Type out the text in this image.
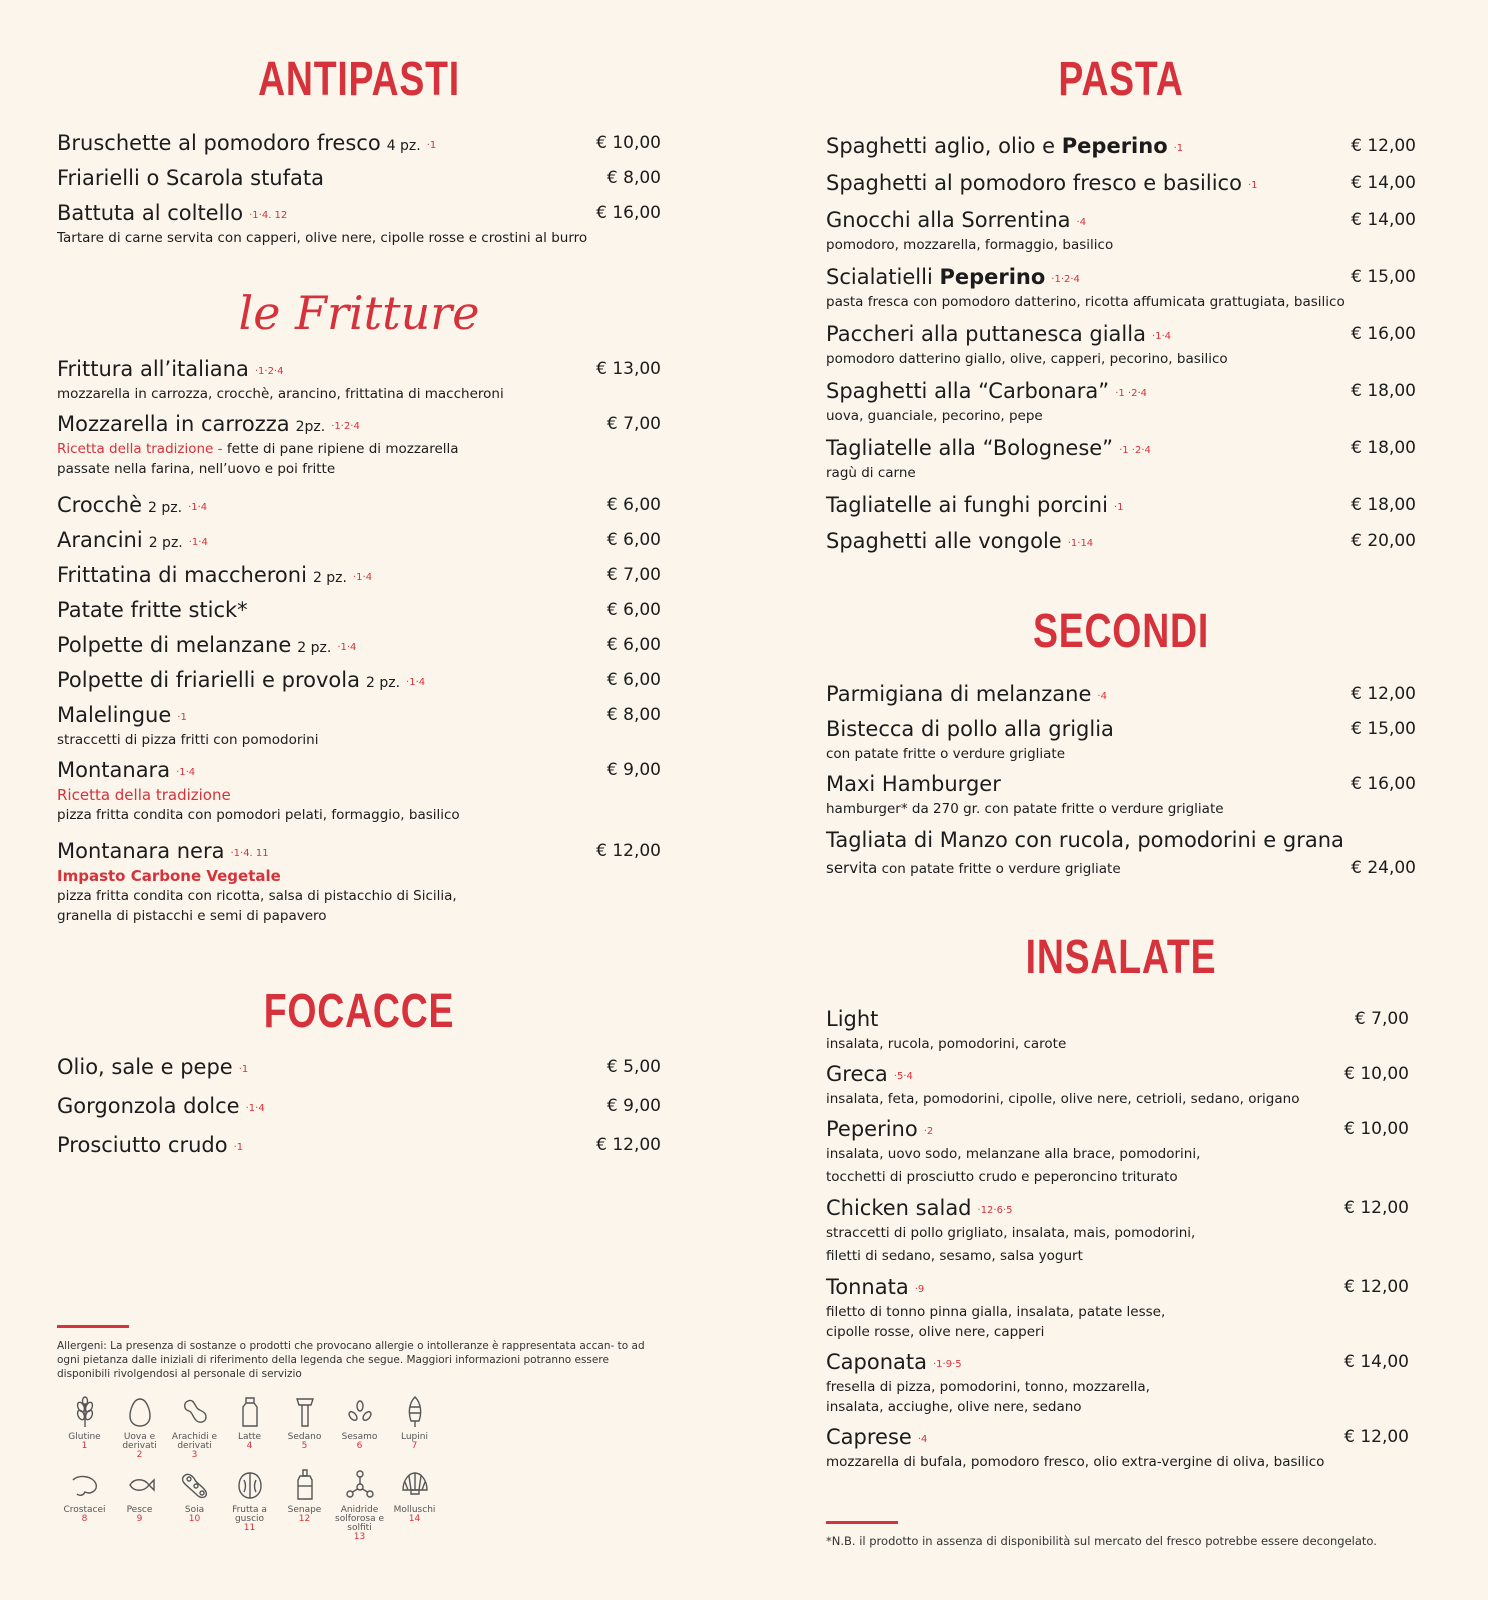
ANTIPASTI
Bruschette al pomodoro fresco 4 pz. ·1	€ 10,00
Friarielli o Scarola stufata	€ 8,00
Battuta al coltello ·1·4. 12	€ 16,00
Tartare di carne servita con capperi, olive nere, cipolle rosse e crostini al burro
le Fritture
Frittura all’italiana ·1·2·4	€ 13,00
mozzarella in carrozza, crocchè, arancino, frittatina di maccheroni
Mozzarella in carrozza 2pz. ·1·2·4	€ 7,00
Ricetta della tradizione - fette di pane ripiene di mozzarella
passate nella farina, nell’uovo e poi fritte
Crocchè 2 pz. ·1·4	€ 6,00
Arancini 2 pz. ·1·4	€ 6,00
Frittatina di maccheroni 2 pz. ·1·4	€ 7,00
Patate fritte stick*	€ 6,00
Polpette di melanzane 2 pz. ·1·4	€ 6,00
Polpette di friarielli e provola 2 pz. ·1·4	€ 6,00
Malelingue ·1	€ 8,00
straccetti di pizza fritti con pomodorini
Montanara ·1·4	€ 9,00
Ricetta della tradizione
pizza fritta condita con pomodori pelati, formaggio, basilico
Montanara nera ·1·4. 11	€ 12,00
Impasto Carbone Vegetale
pizza fritta condita con ricotta, salsa di pistacchio di Sicilia,
granella di pistacchi e semi di papavero
FOCACCE
Olio, sale e pepe ·1	€ 5,00
Gorgonzola dolce ·1·4	€ 9,00
Prosciutto crudo ·1	€ 12,00
Allergeni: La presenza di sostanze o prodotti che provocano allergie o intolleranze è rappresentata accan- to ad ogni pietanza dalle iniziali di riferimento della legenda che segue. Maggiori informazioni potranno essere disponibili rivolgendosi al personale di servizio
Glutine
1
Uova e derivati
2
Arachidi e derivati
3
Latte
4
Sedano
5
Sesamo
6
Lupini
7
Crostacei
8
Pesce
9
Soia
10
Frutta a guscio
11
Senape
12
Anidride solforosa e solfiti
13
Molluschi
14
PASTA
Spaghetti aglio, olio e Peperino ·1	€ 12,00
Spaghetti al pomodoro fresco e basilico ·1	€ 14,00
Gnocchi alla Sorrentina ·4	€ 14,00
pomodoro, mozzarella, formaggio, basilico
Scialatielli Peperino ·1·2·4	€ 15,00
pasta fresca con pomodoro datterino, ricotta affumicata grattugiata, basilico
Paccheri alla puttanesca gialla ·1·4	€ 16,00
pomodoro datterino giallo, olive, capperi, pecorino, basilico
Spaghetti alla “Carbonara” ·1 ·2·4	€ 18,00
uova, guanciale, pecorino, pepe
Tagliatelle alla “Bolognese” ·1 ·2·4	€ 18,00
ragù di carne
Tagliatelle ai funghi porcini ·1	€ 18,00
Spaghetti alle vongole ·1·14	€ 20,00
SECONDI
Parmigiana di melanzane ·4	€ 12,00
Bistecca di pollo alla griglia	€ 15,00
con patate fritte o verdure grigliate
Maxi Hamburger	€ 16,00
hamburger* da 270 gr. con patate fritte o verdure grigliate
Tagliata di Manzo con rucola, pomodorini e grana
servita con patate fritte o verdure grigliate	€ 24,00
INSALATE
Light	€ 7,00
insalata, rucola, pomodorini, carote
Greca ·5·4	€ 10,00
insalata, feta, pomodorini, cipolle, olive nere, cetrioli, sedano, origano
Peperino ·2	€ 10,00
insalata, uovo sodo, melanzane alla brace, pomodorini,
tocchetti di prosciutto crudo e peperoncino triturato
Chicken salad ·12·6·5	€ 12,00
straccetti di pollo grigliato, insalata, mais, pomodorini,
filetti di sedano, sesamo, salsa yogurt
Tonnata ·9	€ 12,00
filetto di tonno pinna gialla, insalata, patate lesse,
cipolle rosse, olive nere, capperi
Caponata ·1·9·5	€ 14,00
fresella di pizza, pomodorini, tonno, mozzarella,
insalata, acciughe, olive nere, sedano
Caprese ·4	€ 12,00
mozzarella di bufala, pomodoro fresco, olio extra-vergine di oliva, basilico
*N.B. il prodotto in assenza di disponibilità sul mercato del fresco potrebbe essere decongelato.
